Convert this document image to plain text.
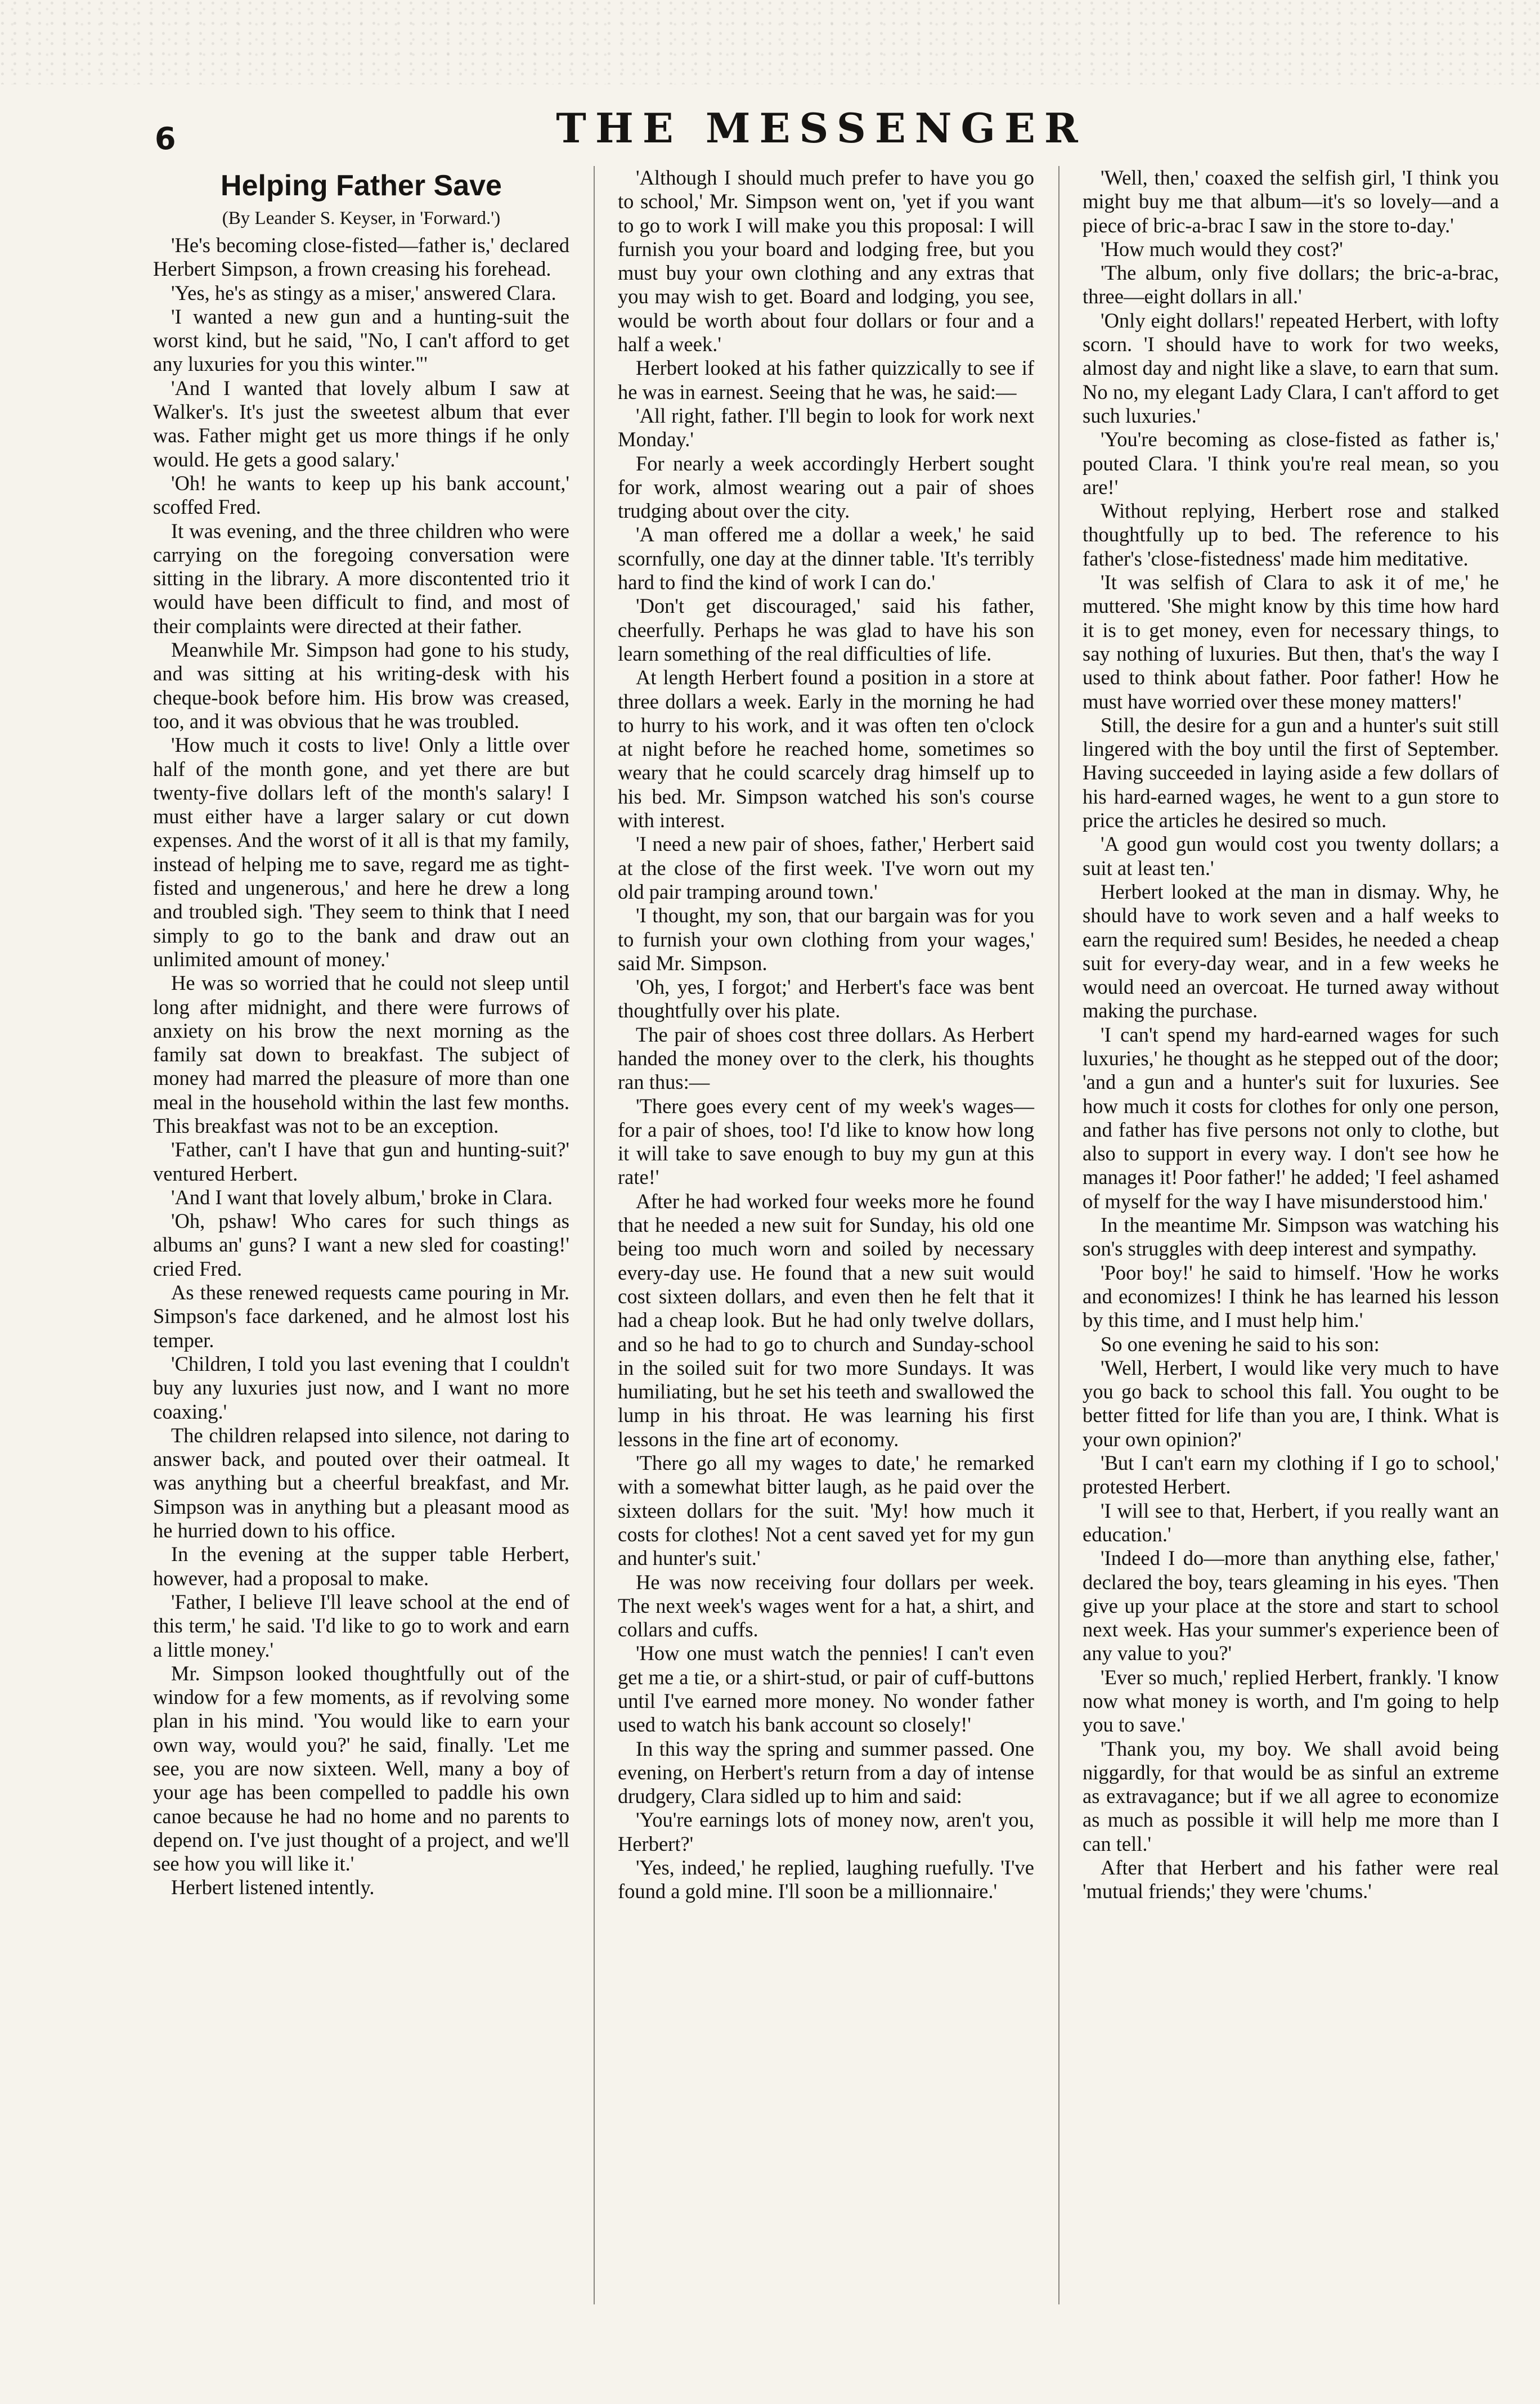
6	THE MESSENGER
Helping Father Save
(By Leander S. Keyser, in 'Forward.')

'He's becoming close-fisted—father is,' declared Herbert Simpson, a frown creasing his forehead.

'Yes, he's as stingy as a miser,' answered Clara.

'I wanted a new gun and a hunting-suit the worst kind, but he said, "No, I can't afford to get any luxuries for you this winter."'

'And I wanted that lovely album I saw at Walker's. It's just the sweetest album that ever was. Father might get us more things if he only would. He gets a good salary.'

'Oh! he wants to keep up his bank account,' scoffed Fred.

It was evening, and the three children who were carrying on the foregoing conversation were sitting in the library. A more discontented trio it would have been difficult to find, and most of their complaints were directed at their father.

Meanwhile Mr. Simpson had gone to his study, and was sitting at his writing-desk with his cheque-book before him. His brow was creased, too, and it was obvious that he was troubled.

'How much it costs to live! Only a little over half of the month gone, and yet there are but twenty-five dollars left of the month's salary! I must either have a larger salary or cut down expenses. And the worst of it all is that my family, instead of helping me to save, regard me as tight-fisted and ungenerous,' and here he drew a long and troubled sigh. 'They seem to think that I need simply to go to the bank and draw out an unlimited amount of money.'

He was so worried that he could not sleep until long after midnight, and there were furrows of anxiety on his brow the next morning as the family sat down to breakfast. The subject of money had marred the pleasure of more than one meal in the household within the last few months. This breakfast was not to be an exception.

'Father, can't I have that gun and hunting-suit?' ventured Herbert.

'And I want that lovely album,' broke in Clara.

'Oh, pshaw! Who cares for such things as albums an' guns? I want a new sled for coasting!' cried Fred.

As these renewed requests came pouring in Mr. Simpson's face darkened, and he almost lost his temper.

'Children, I told you last evening that I couldn't buy any luxuries just now, and I want no more coaxing.'

The children relapsed into silence, not daring to answer back, and pouted over their oatmeal. It was anything but a cheerful breakfast, and Mr. Simpson was in anything but a pleasant mood as he hurried down to his office.

In the evening at the supper table Herbert, however, had a proposal to make.

'Father, I believe I'll leave school at the end of this term,' he said. 'I'd like to go to work and earn a little money.'

Mr. Simpson looked thoughtfully out of the window for a few moments, as if revolving some plan in his mind. 'You would like to earn your own way, would you?' he said, finally. 'Let me see, you are now sixteen. Well, many a boy of your age has been compelled to paddle his own canoe because he had no home and no parents to depend on. I've just thought of a project, and we'll see how you will like it.'

Herbert listened intently.

'Although I should much prefer to have you go to school,' Mr. Simpson went on, 'yet if you want to go to work I will make you this proposal: I will furnish you your board and lodging free, but you must buy your own clothing and any extras that you may wish to get. Board and lodging, you see, would be worth about four dollars or four and a half a week.'

Herbert looked at his father quizzically to see if he was in earnest. Seeing that he was, he said:—

'All right, father. I'll begin to look for work next Monday.'

For nearly a week accordingly Herbert sought for work, almost wearing out a pair of shoes trudging about over the city.

'A man offered me a dollar a week,' he said scornfully, one day at the dinner table. 'It's terribly hard to find the kind of work I can do.'

'Don't get discouraged,' said his father, cheerfully. Perhaps he was glad to have his son learn something of the real difficulties of life.

At length Herbert found a position in a store at three dollars a week. Early in the morning he had to hurry to his work, and it was often ten o'clock at night before he reached home, sometimes so weary that he could scarcely drag himself up to his bed. Mr. Simpson watched his son's course with interest.

'I need a new pair of shoes, father,' Herbert said at the close of the first week. 'I've worn out my old pair tramping around town.'

'I thought, my son, that our bargain was for you to furnish your own clothing from your wages,' said Mr. Simpson.

'Oh, yes, I forgot;' and Herbert's face was bent thoughtfully over his plate.

The pair of shoes cost three dollars. As Herbert handed the money over to the clerk, his thoughts ran thus:—

'There goes every cent of my week's wages—for a pair of shoes, too! I'd like to know how long it will take to save enough to buy my gun at this rate!'

After he had worked four weeks more he found that he needed a new suit for Sunday, his old one being too much worn and soiled by necessary every-day use. He found that a new suit would cost sixteen dollars, and even then he felt that it had a cheap look. But he had only twelve dollars, and so he had to go to church and Sunday-school in the soiled suit for two more Sundays. It was humiliating, but he set his teeth and swallowed the lump in his throat. He was learning his first lessons in the fine art of economy.

'There go all my wages to date,' he remarked with a somewhat bitter laugh, as he paid over the sixteen dollars for the suit. 'My! how much it costs for clothes! Not a cent saved yet for my gun and hunter's suit.'

He was now receiving four dollars per week. The next week's wages went for a hat, a shirt, and collars and cuffs.

'How one must watch the pennies! I can't even get me a tie, or a shirt-stud, or pair of cuff-buttons until I've earned more money. No wonder father used to watch his bank account so closely!'

In this way the spring and summer passed. One evening, on Herbert's return from a day of intense drudgery, Clara sidled up to him and said:

'You're earnings lots of money now, aren't you, Herbert?'

'Yes, indeed,' he replied, laughing ruefully. 'I've found a gold mine. I'll soon be a millionnaire.'

'Well, then,' coaxed the selfish girl, 'I think you might buy me that album—it's so lovely—and a piece of bric-a-brac I saw in the store to-day.'

'How much would they cost?'

'The album, only five dollars; the bric-a-brac, three—eight dollars in all.'

'Only eight dollars!' repeated Herbert, with lofty scorn. 'I should have to work for two weeks, almost day and night like a slave, to earn that sum. No no, my elegant Lady Clara, I can't afford to get such luxuries.'

'You're becoming as close-fisted as father is,' pouted Clara. 'I think you're real mean, so you are!'

Without replying, Herbert rose and stalked thoughtfully up to bed. The reference to his father's 'close-fistedness' made him meditative.

'It was selfish of Clara to ask it of me,' he muttered. 'She might know by this time how hard it is to get money, even for necessary things, to say nothing of luxuries. But then, that's the way I used to think about father. Poor father! How he must have worried over these money matters!'

Still, the desire for a gun and a hunter's suit still lingered with the boy until the first of September. Having succeeded in laying aside a few dollars of his hard-earned wages, he went to a gun store to price the articles he desired so much.

'A good gun would cost you twenty dollars; a suit at least ten.'

Herbert looked at the man in dismay. Why, he should have to work seven and a half weeks to earn the required sum! Besides, he needed a cheap suit for every-day wear, and in a few weeks he would need an overcoat. He turned away without making the purchase.

'I can't spend my hard-earned wages for such luxuries,' he thought as he stepped out of the door; 'and a gun and a hunter's suit for luxuries. See how much it costs for clothes for only one person, and father has five persons not only to clothe, but also to support in every way. I don't see how he manages it! Poor father!' he added; 'I feel ashamed of myself for the way I have misunderstood him.'

In the meantime Mr. Simpson was watching his son's struggles with deep interest and sympathy.

'Poor boy!' he said to himself. 'How he works and economizes! I think he has learned his lesson by this time, and I must help him.'

So one evening he said to his son:

'Well, Herbert, I would like very much to have you go back to school this fall. You ought to be better fitted for life than you are, I think. What is your own opinion?'

'But I can't earn my clothing if I go to school,' protested Herbert.

'I will see to that, Herbert, if you really want an education.'

'Indeed I do—more than anything else, father,' declared the boy, tears gleaming in his eyes. 'Then give up your place at the store and start to school next week. Has your summer's experience been of any value to you?'

'Ever so much,' replied Herbert, frankly. 'I know now what money is worth, and I'm going to help you to save.'

'Thank you, my boy. We shall avoid being niggardly, for that would be as sinful an extreme as extravagance; but if we all agree to economize as much as possible it will help me more than I can tell.'

After that Herbert and his father were real 'mutual friends;' they were 'chums.'
